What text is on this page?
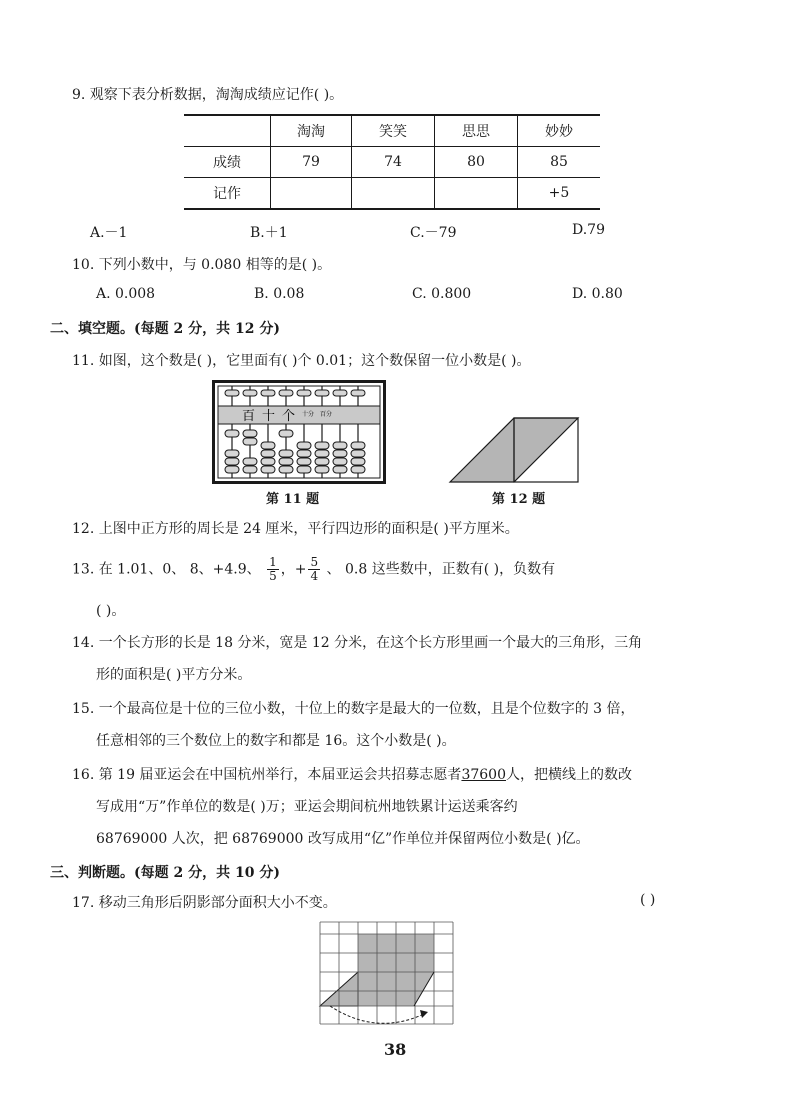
9. 观察下表分析数据，淘淘成绩应记作( )。
	淘淘	笑笑	思思	妙妙
成绩	79	74	80	85
记作				+5
A.－1	B.＋1	C.－79	D.79
10. 下列小数中，与 0.080 相等的是( )。
A. 0.008	B. 0.08	C. 0.800	D. 0.80
二、填空题。(每题 2 分，共 12 分)
11. 如图，这个数是( )，它里面有( )个 0.01；这个数保留一位小数是( )。
百 十 个 十分 百分
第 11 题	第 12 题
12. 上图中正方形的周长是 24 厘米，平行四边形的面积是( )平方厘米。
13. 在 1.01、0、 8、+4.9、 $\frac{1}{5}$ ，+ $\frac{5}{4}$ 、 0.8 这些数中，正数有( )，负数有
( )。
14. 一个长方形的长是 18 分米，宽是 12 分米，在这个长方形里画一个最大的三角形，三角
形的面积是( )平方分米。
15. 一个最高位是十位的三位小数，十位上的数字是最大的一位数，且是个位数字的 3 倍，
任意相邻的三个数位上的数字和都是 16。这个小数是( )。
16. 第 19 届亚运会在中国杭州举行，本届亚运会共招募志愿者37600人，把横线上的数改
写成用“万”作单位的数是( )万；亚运会期间杭州地铁累计运送乘客约
68769000 人次，把 68769000 改写成用“亿”作单位并保留两位小数是( )亿。
三、判断题。(每题 2 分，共 10 分)
17. 移动三角形后阴影部分面积大小不变。	( )
38
